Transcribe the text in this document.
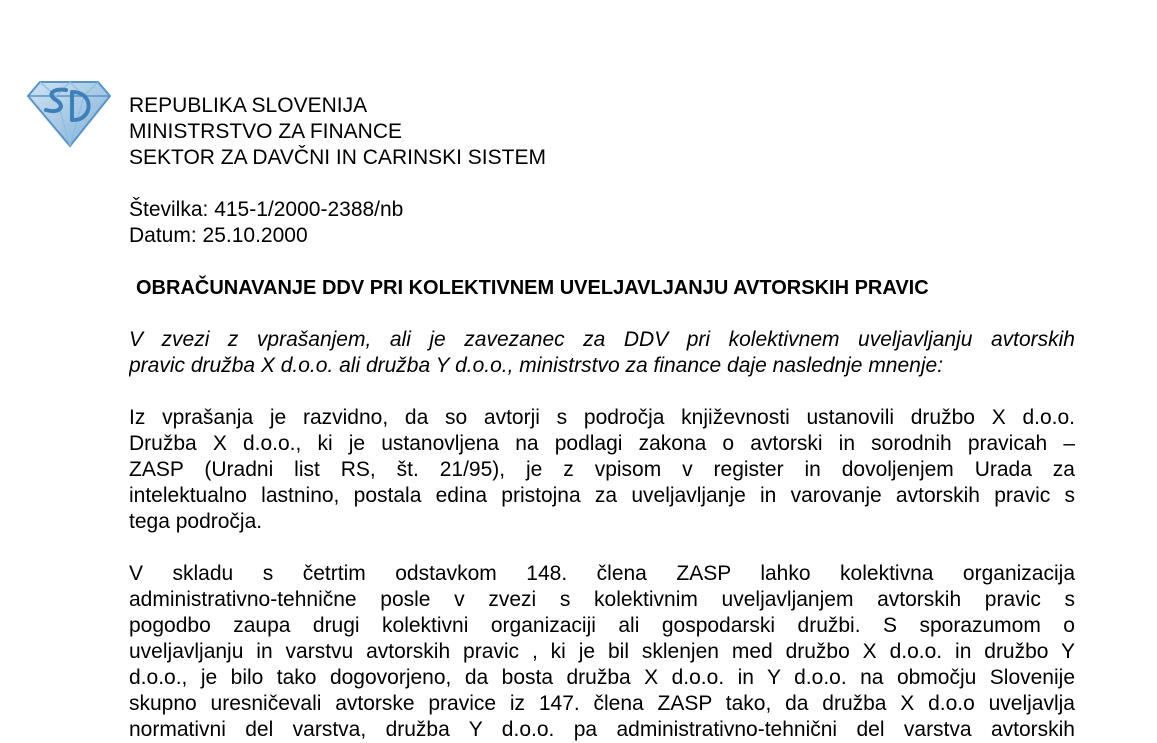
REPUBLIKA SLOVENIJA
MINISTRSTVO ZA FINANCE
SEKTOR ZA DAVČNI IN CARINSKI SISTEM
Številka: 415-1/2000-2388/nb
Datum: 25.10.2000
OBRAČUNAVANJE DDV PRI KOLEKTIVNEM UVELJAVLJANJU AVTORSKIH PRAVIC
V zvezi z vprašanjem, ali je zavezanec za DDV pri kolektivnem uveljavljanju avtorskih
pravic družba X d.o.o. ali družba Y d.o.o., ministrstvo za finance daje naslednje mnenje:
Iz vprašanja je razvidno, da so avtorji s področja književnosti ustanovili družbo X d.o.o.
Družba X d.o.o., ki je ustanovljena na podlagi zakona o avtorski in sorodnih pravicah –
ZASP (Uradni list RS, št. 21/95), je z vpisom v register in dovoljenjem Urada za
intelektualno lastnino, postala edina pristojna za uveljavljanje in varovanje avtorskih pravic s
tega področja.
V skladu s četrtim odstavkom 148. člena ZASP lahko kolektivna organizacija
administrativno-tehnične posle v zvezi s kolektivnim uveljavljanjem avtorskih pravic s
pogodbo zaupa drugi kolektivni organizaciji ali gospodarski družbi. S sporazumom o
uveljavljanju in varstvu avtorskih pravic , ki je bil sklenjen med družbo X d.o.o. in družbo Y
d.o.o., je bilo tako dogovorjeno, da bosta družba X d.o.o. in Y d.o.o. na območju Slovenije
skupno uresničevali avtorske pravice iz 147. člena ZASP tako, da družba X d.o.o uveljavlja
normativni del varstva, družba Y d.o.o. pa administrativno-tehnični del varstva avtorskih
